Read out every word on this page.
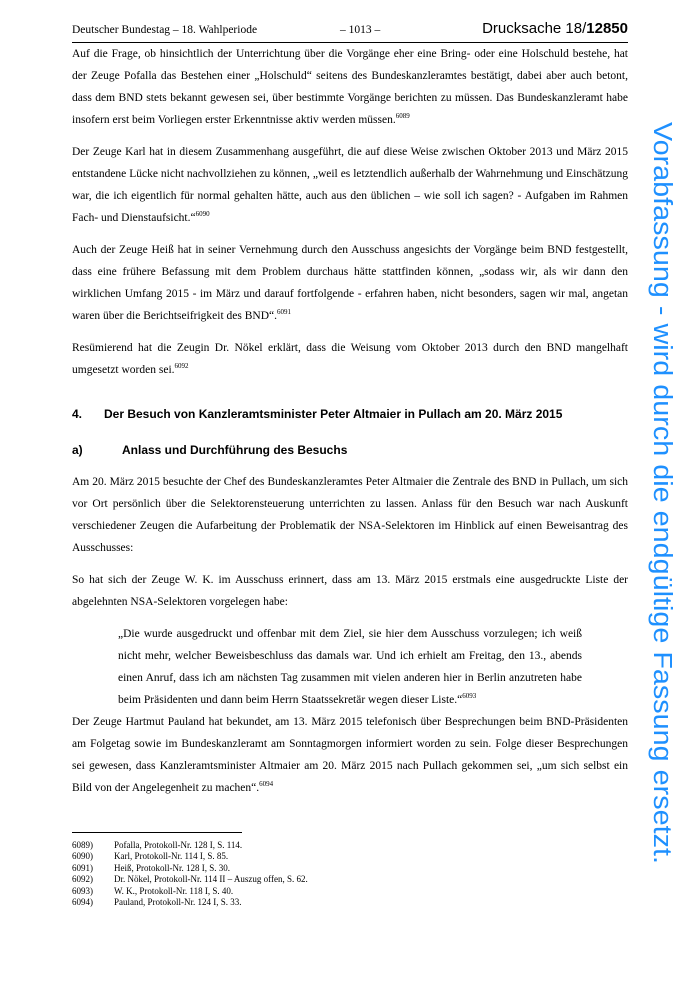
Deutscher Bundestag – 18. Wahlperiode	– 1013 –	Drucksache 18/12850

Auf die Frage, ob hinsichtlich der Unterrichtung über die Vorgänge eher eine Bring- oder eine Holschuld bestehe, hat der Zeuge Pofalla das Bestehen einer „Holschuld“ seitens des Bundeskanzleramtes bestätigt, dabei aber auch betont, dass dem BND stets bekannt gewesen sei, über bestimmte Vorgänge berichten zu müssen. Das Bundeskanzleramt habe insofern erst beim Vorliegen erster Erkenntnisse aktiv werden müssen.$^{6089}$

Der Zeuge Karl hat in diesem Zusammenhang ausgeführt, die auf diese Weise zwischen Oktober 2013 und März 2015 entstandene Lücke nicht nachvollziehen zu können, „weil es letztendlich außerhalb der Wahrnehmung und Einschätzung war, die ich eigentlich für normal gehalten hätte, auch aus den üblichen – wie soll ich sagen? - Aufgaben im Rahmen Fach- und Dienstaufsicht.“$^{6090}$

Auch der Zeuge Heiß hat in seiner Vernehmung durch den Ausschuss angesichts der Vorgänge beim BND festgestellt, dass eine frühere Befassung mit dem Problem durchaus hätte stattfinden können, „sodass wir, als wir dann den wirklichen Umfang 2015 - im März und darauf fortfolgende - erfahren haben, nicht besonders, sagen wir mal, angetan waren über die Berichtseifrigkeit des BND“.$^{6091}$

Resümierend hat die Zeugin Dr. Nökel erklärt, dass die Weisung vom Oktober 2013 durch den BND mangelhaft umgesetzt worden sei.$^{6092}$

4. Der Besuch von Kanzleramtsminister Peter Altmaier in Pullach am 20. März 2015
a)	Anlass und Durchführung des Besuchs

Am 20. März 2015 besuchte der Chef des Bundeskanzleramtes Peter Altmaier die Zentrale des BND in Pullach, um sich vor Ort persönlich über die Selektorensteuerung unterrichten zu lassen. Anlass für den Besuch war nach Auskunft verschiedener Zeugen die Aufarbeitung der Problematik der NSA-Selektoren im Hinblick auf einen Beweisantrag des Ausschusses:

So hat sich der Zeuge W. K. im Ausschuss erinnert, dass am 13. März 2015 erstmals eine ausgedruckte Liste der abgelehnten NSA-Selektoren vorgelegen habe:

„Die wurde ausgedruckt und offenbar mit dem Ziel, sie hier dem Ausschuss vorzulegen; ich weiß nicht mehr, welcher Beweisbeschluss das damals war. Und ich erhielt am Freitag, den 13., abends einen Anruf, dass ich am nächsten Tag zusammen mit vielen anderen hier in Berlin anzutreten habe beim Präsidenten und dann beim Herrn Staatssekretär wegen dieser Liste.“$^{6093}$

Der Zeuge Hartmut Pauland hat bekundet, am 13. März 2015 telefonisch über Besprechungen beim BND-Präsidenten am Folgetag sowie im Bundeskanzleramt am Sonntagmorgen informiert worden zu sein. Folge dieser Besprechungen sei gewesen, dass Kanzleramtsminister Altmaier am 20. März 2015 nach Pullach gekommen sei, „um sich selbst ein Bild von der Angelegenheit zu machen“.$^{6094}$

6089) Pofalla, Protokoll-Nr. 128 I, S. 114.
6090) Karl, Protokoll-Nr. 114 I, S. 85.
6091) Heiß, Protokoll-Nr. 128 I, S. 30.
6092) Dr. Nökel, Protokoll-Nr. 114 II – Auszug offen, S. 62.
6093) W. K., Protokoll-Nr. 118 I, S. 40.
6094) Pauland, Protokoll-Nr. 124 I, S. 33.
Vorabfassung - wird durch die endgültige Fassung ersetzt.
